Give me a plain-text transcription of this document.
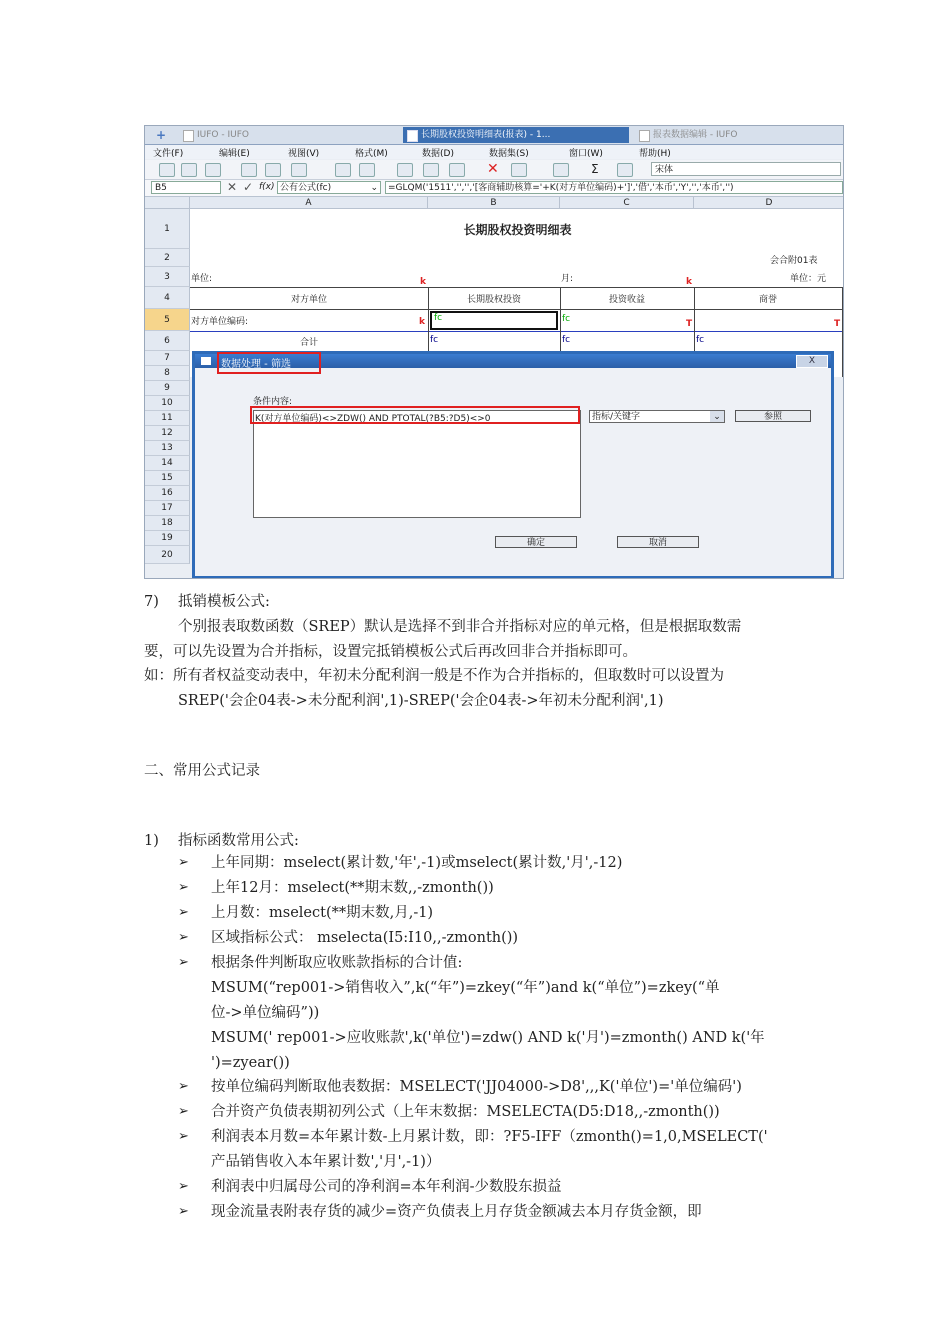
+	IUFO - IUFO	长期股权投资明细表(报表) - 1...	报表数据编辑 - IUFO
文件(F)	编辑(E)	视图(V)	格式(M)	数据(D)	数据集(S)	窗口(W)	帮助(H)
✕	Σ	宋体
B5	✕ ✓ f(x) 公有公式(fc)	⌄	=GLQM('1511','','','[客商辅助核算='+K(对方单位编码)+']','借','本币','Y','','本币','')
A	B	C	D
1
2
3
4
5
6
7
8
9
10
11
12
13
14
15
16
17
18
19
20
长期股权投资明细表
会合附01表
单位:	k	月:	k	单位：元
对方单位	长期股权投资	投资收益	商誉
对方单位编码:	k	fc	fc	T	T
合计	fc	fc	fc
数据处理 - 筛选	X
条件内容:
K(对方单位编码)<>ZDW() AND PTOTAL(?B5:?D5)<>0	指标/关键字	⌄	参照
确定	取消
7) 抵销模板公式:
个别报表取数函数（SREP）默认是选择不到非合并指标对应的单元格，但是根据取数需
要，可以先设置为合并指标，设置完抵销模板公式后再改回非合并指标即可。
如：所有者权益变动表中，年初未分配利润一般是不作为合并指标的，但取数时可以设置为
SREP('会企04表->未分配利润',1)-SREP('会企04表->年初未分配利润',1)
二、常用公式记录
1) 指标函数常用公式:
➢ 上年同期：mselect(累计数,'年',-1)或mselect(累计数,'月',-12)
➢ 上年12月：mselect(**期末数,,-zmonth())
➢ 上月数：mselect(**期末数,月,-1)
➢ 区域指标公式： mselecta(I5:I10,,-zmonth())
➢ 根据条件判断取应收账款指标的合计值:
MSUM(“rep001->销售收入”,k(“年”)=zkey(“年”)and k(“单位”)=zkey(“单
位->单位编码”))
MSUM(' rep001->应收账款',k('单位')=zdw() AND k('月')=zmonth() AND k('年
')=zyear())
➢ 按单位编码判断取他表数据：MSELECT('JJ04000->D8',,,K('单位')='单位编码')
➢ 合并资产负债表期初列公式（上年末数据：MSELECTA(D5:D18,,-zmonth())
➢ 利润表本月数=本年累计数-上月累计数，即：?F5-IFF（zmonth()=1,0,MSELECT('
产品销售收入本年累计数','月',-1)）
➢ 利润表中归属母公司的净利润=本年利润-少数股东损益
➢ 现金流量表附表存货的减少=资产负债表上月存货金额减去本月存货金额，即
